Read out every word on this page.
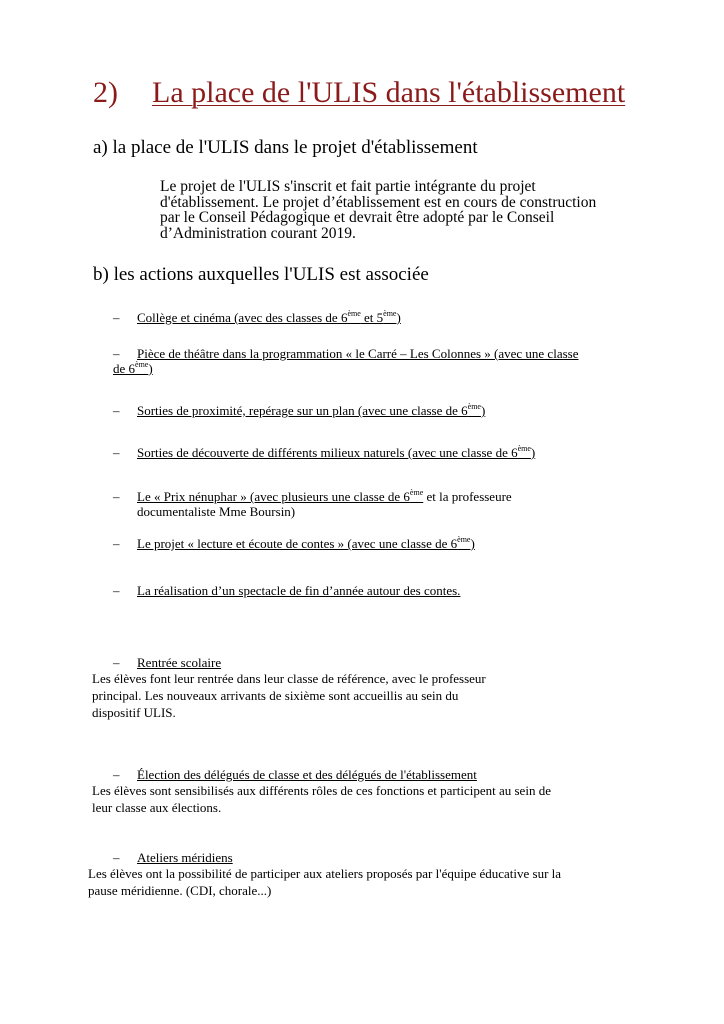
2) La place de l'ULIS dans l'établissement
a) la place de l'ULIS dans le projet d'établissement
Le projet de l'ULIS s'inscrit et fait partie intégrante du projet
d'établissement. Le projet d’établissement est en cours de construction
par le Conseil Pédagogique et devrait être adopté par le Conseil
d’Administration courant 2019.
b) les actions auxquelles l'ULIS est associée
– Collège et cinéma (avec des classes de 6ème et 5ème)
– Pièce de théâtre dans la programmation « le Carré – Les Colonnes » (avec une classe
de 6ème)
– Sorties de proximité, repérage sur un plan (avec une classe de 6ème)
– Sorties de découverte de différents milieux naturels (avec une classe de 6ème)
– Le « Prix nénuphar » (avec plusieurs une classe de 6ème et la professeure
documentaliste Mme Boursin)
– Le projet « lecture et écoute de contes » (avec une classe de 6ème)
– La réalisation d’un spectacle de fin d’année autour des contes.
– Rentrée scolaire
Les élèves font leur rentrée dans leur classe de référence, avec le professeur
principal. Les nouveaux arrivants de sixième sont accueillis au sein du
dispositif ULIS.
– Élection des délégués de classe et des délégués de l'établissement
Les élèves sont sensibilisés aux différents rôles de ces fonctions et participent au sein de
leur classe aux élections.
– Ateliers méridiens
Les élèves ont la possibilité de participer aux ateliers proposés par l'équipe éducative sur la
pause méridienne. (CDI, chorale...)
